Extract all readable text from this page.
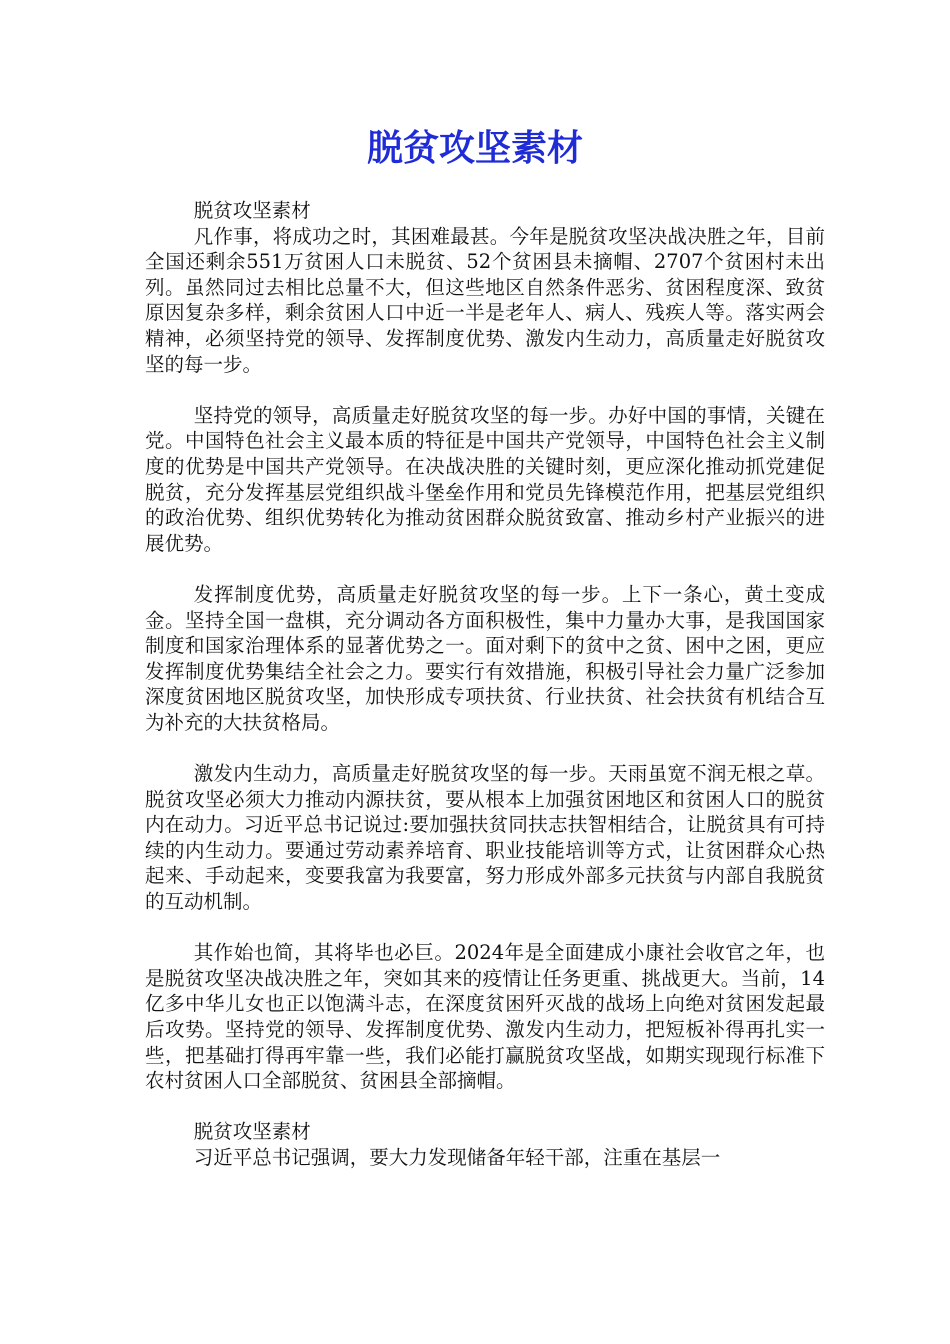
脱贫攻坚素材

脱贫攻坚素材

凡作事，将成功之时，其困难最甚。今年是脱贫攻坚决战决胜之年，目前全国还剩余551万贫困人口未脱贫、52个贫困县未摘帽、2707个贫困村未出列。虽然同过去相比总量不大，但这些地区自然条件恶劣、贫困程度深、致贫原因复杂多样，剩余贫困人口中近一半是老年人、病人、残疾人等。落实两会精神，必须坚持党的领导、发挥制度优势、激发内生动力，高质量走好脱贫攻坚的每一步。

坚持党的领导，高质量走好脱贫攻坚的每一步。办好中国的事情，关键在党。中国特色社会主义最本质的特征是中国共产党领导，中国特色社会主义制度的优势是中国共产党领导。在决战决胜的关键时刻，更应深化推动抓党建促脱贫，充分发挥基层党组织战斗堡垒作用和党员先锋模范作用，把基层党组织的政治优势、组织优势转化为推动贫困群众脱贫致富、推动乡村产业振兴的进展优势。

发挥制度优势，高质量走好脱贫攻坚的每一步。上下一条心，黄土变成金。坚持全国一盘棋，充分调动各方面积极性，集中力量办大事，是我国国家制度和国家治理体系的显著优势之一。面对剩下的贫中之贫、困中之困，更应发挥制度优势集结全社会之力。要实行有效措施，积极引导社会力量广泛参加深度贫困地区脱贫攻坚，加快形成专项扶贫、行业扶贫、社会扶贫有机结合互为补充的大扶贫格局。

激发内生动力，高质量走好脱贫攻坚的每一步。天雨虽宽不润无根之草。脱贫攻坚必须大力推动内源扶贫，要从根本上加强贫困地区和贫困人口的脱贫内在动力。习近平总书记说过:要加强扶贫同扶志扶智相结合，让脱贫具有可持续的内生动力。要通过劳动素养培育、职业技能培训等方式，让贫困群众心热起来、手动起来，变要我富为我要富，努力形成外部多元扶贫与内部自我脱贫的互动机制。

其作始也简，其将毕也必巨。2024年是全面建成小康社会收官之年，也是脱贫攻坚决战决胜之年，突如其来的疫情让任务更重、挑战更大。当前，14亿多中华儿女也正以饱满斗志，在深度贫困歼灭战的战场上向绝对贫困发起最后攻势。坚持党的领导、发挥制度优势、激发内生动力，把短板补得再扎实一些，把基础打得再牢靠一些，我们必能打赢脱贫攻坚战，如期实现现行标准下农村贫困人口全部脱贫、贫困县全部摘帽。

脱贫攻坚素材

习近平总书记强调，要大力发现储备年轻干部，注重在基层一
